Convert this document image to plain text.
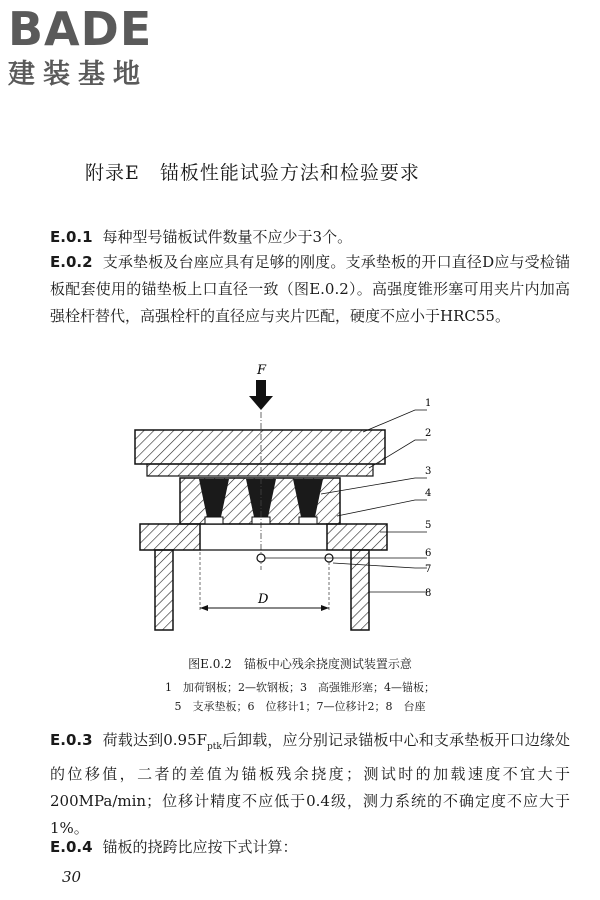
BADE
建装基地
附录E　锚板性能试验方法和检验要求
E.0.1 每种型号锚板试件数量不应少于3个。
E.0.2 支承垫板及台座应具有足够的刚度。支承垫板的开口直径D应与受检锚板配套使用的锚垫板上口直径一致（图E.0.2）。高强度锥形塞可用夹片内加高强栓杆替代，高强栓杆的直径应与夹片匹配，硬度不应小于HRC55。
F
D
1
2
3
4
5
6
7
8
图E.0.2　锚板中心残余挠度测试装置示意
1　加荷钢板；2—软钢板；3　高强锥形塞；4—锚板；
5　支承垫板；6　位移计1；7—位移计2；8　台座
E.0.3 荷载达到$0.95F_{ptk}$后卸载，应分别记录锚板中心和支承垫板开口边缘处的位移值，二者的差值为锚板残余挠度；测试时的加载速度不宜大于200MPa/min；位移计精度不应低于0.4级，测力系统的不确定度不应大于1%。
E.0.4 锚板的挠跨比应按下式计算：
30
